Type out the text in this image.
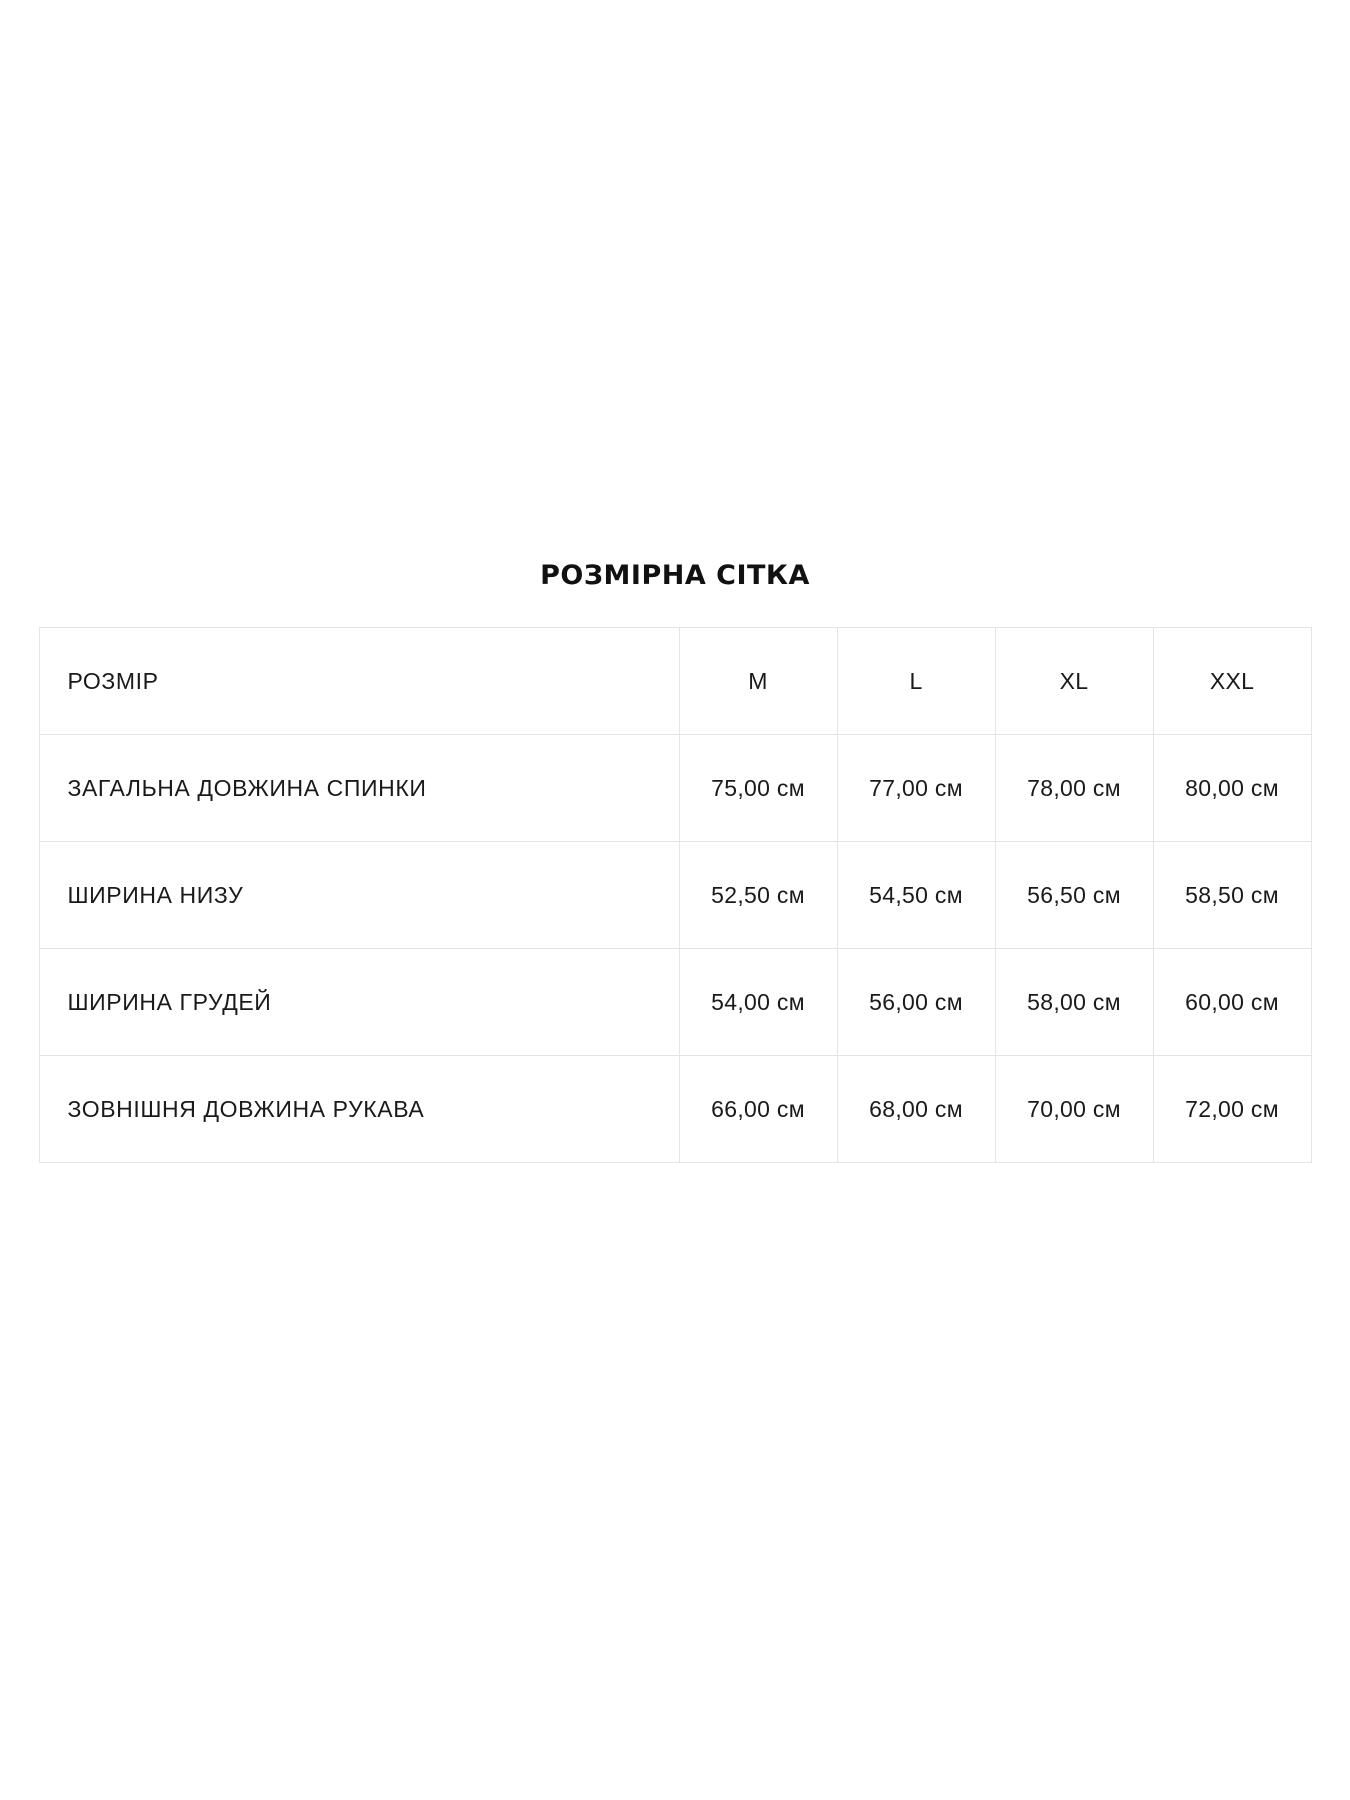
РОЗМІРНА СІТКА
РОЗМІР	M	L	XL	XXL
ЗАГАЛЬНА ДОВЖИНА СПИНКИ	75,00 см	77,00 см	78,00 см	80,00 см
ШИРИНА НИЗУ	52,50 см	54,50 см	56,50 см	58,50 см
ШИРИНА ГРУДЕЙ	54,00 см	56,00 см	58,00 см	60,00 см
ЗОВНІШНЯ ДОВЖИНА РУКАВА	66,00 см	68,00 см	70,00 см	72,00 см
